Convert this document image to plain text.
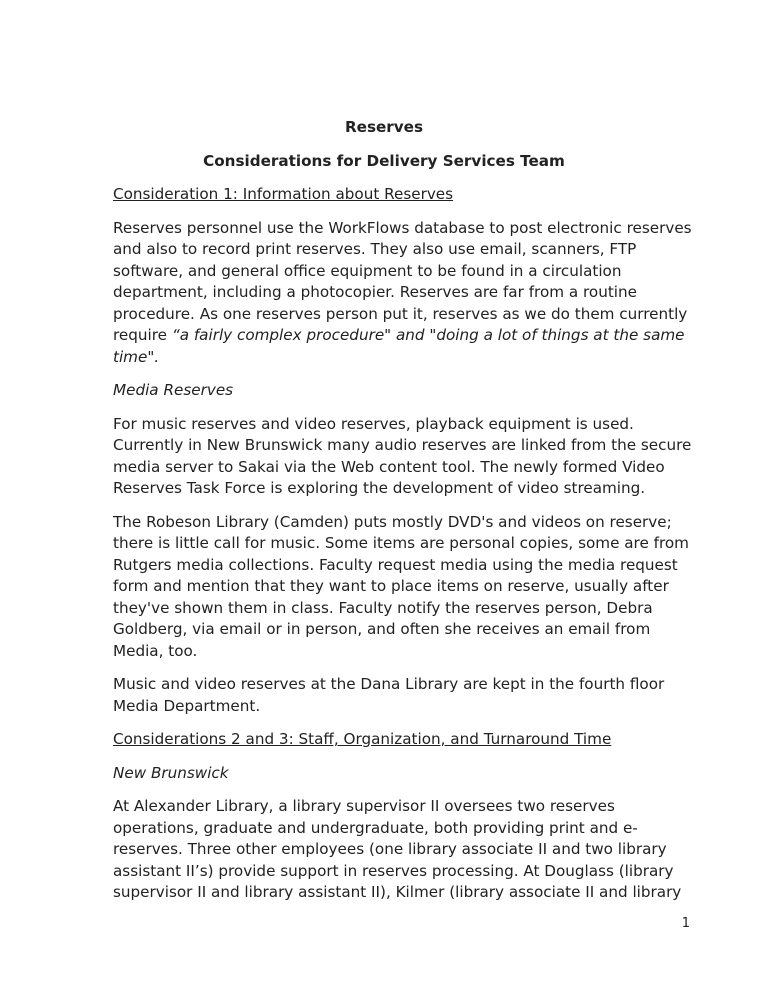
Reserves
Considerations for Delivery Services Team
Consideration 1: Information about Reserves
Reserves personnel use the WorkFlows database to post electronic reserves
and also to record print reserves. They also use email, scanners, FTP
software, and general office equipment to be found in a circulation
department, including a photocopier. Reserves are far from a routine
procedure. As one reserves person put it, reserves as we do them currently
require “a fairly complex procedure" and "doing a lot of things at the same
time".
Media Reserves
For music reserves and video reserves, playback equipment is used.
Currently in New Brunswick many audio reserves are linked from the secure
media server to Sakai via the Web content tool. The newly formed Video
Reserves Task Force is exploring the development of video streaming.
The Robeson Library (Camden) puts mostly DVD's and videos on reserve;
there is little call for music. Some items are personal copies, some are from
Rutgers media collections. Faculty request media using the media request
form and mention that they want to place items on reserve, usually after
they've shown them in class. Faculty notify the reserves person, Debra
Goldberg, via email or in person, and often she receives an email from
Media, too.
Music and video reserves at the Dana Library are kept in the fourth floor
Media Department.
Considerations 2 and 3: Staff, Organization, and Turnaround Time
New Brunswick
At Alexander Library, a library supervisor II oversees two reserves
operations, graduate and undergraduate, both providing print and e-
reserves. Three other employees (one library associate II and two library
assistant II’s) provide support in reserves processing. At Douglass (library
supervisor II and library assistant II), Kilmer (library associate II and library
1
